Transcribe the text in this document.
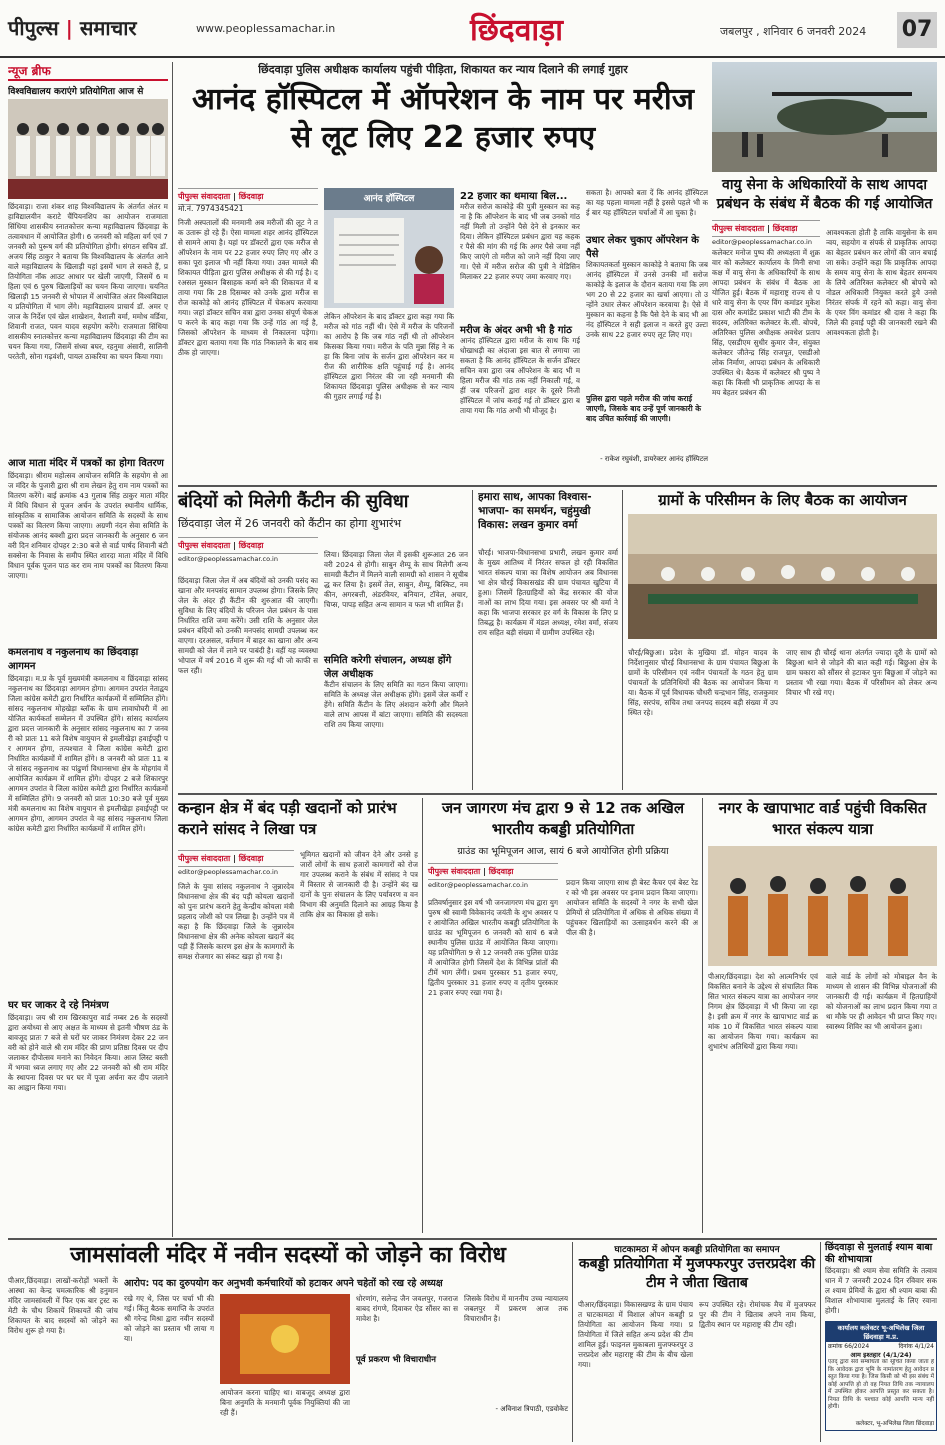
पीपुल्स | समाचार	www.peoplessamachar.in	छिंदवाड़ा	जबलपुर , शनिवार 6 जनवरी 2024 07
न्यूज ब्रीफ
विश्वविद्यालय कराएंगे प्रतियोगिता आज से
छिंदवाड़ा। राजा शंकर शाह विश्वविद्यालय के अंतर्गत अंतर महाविद्यालयीन कराटे चैंपियनशिप का आयोजन राजमाता सिंधिया शासकीय स्नातकोत्तर कन्या महाविद्यालय छिंदवाड़ा के तत्वावधान में आयोजित होगी। 6 जनवरी को महिला वर्ग एवं 7 जनवरी को पुरूष वर्ग की प्रतियोगिता होगी। संगठन सचिव डॉ. अजय सिंह ठाकुर ने बताया कि विश्वविद्यालय के अंतर्गत आने वाले महाविद्यालय के खिलाड़ी यहां इसमें भाग ले सकते हैं, प्रतियोगिता नॉक आउट आधार पर खेली जाएगी, जिसमें 6 महिला एवं 6 पुरुष खिलाड़ियों का चयन किया जाएगा। चयनित खिलाड़ी 15 जनवरी से भोपाल में आयोजित अंतर विश्वविद्यालय प्रतियोगिता में भाग लेंगे। महाविद्यालय प्राचार्य डॉ. अमर एजाज के निर्देश एवं खेल शाखेशन, वैशाली वर्मा, ममोथ वर्डिया, शिवानी राजत, पवन यादव सहयोग करेंगे। राजमाता सिंधिया शासकीय स्नातकोत्तर कन्या महाविद्यालय छिंदवाड़ा की टीम का चयन किया गया, जिसमें संध्या बघर, रहनुमा अंसारी, सालिनी परतेती, सोना गढ़वंशी, पायल ठाकरिया का चयन किया गया।
आज माता मंदिर में पत्रकों का होगा वितरण
छिंदवाड़ा। श्रीराम महोत्सव आयोजन समिति के सहयोग से आज मंदिर के पुजारी द्वारा श्री राम लेखन हेतु राम नाम पत्रकों का वितरण करेंगे। बाई क्रमांक 43 गुलाब सिंह ठाकुर माता मंदिर में विधि विधान से पूजन अर्चन के उपरांत स्थानीय धार्मिक, सांस्कृतिक व सामाजिक आयोजन समिति के सदस्यों के साथ पत्रकों का वितरण किया जाएगा। अग्रणी नंदन सेवा समिति के संयोजक आनंद बक्शी द्वारा प्रदत्त जानकारी के अनुसार 6 जनवरी दिन शनिवार दोपहर 2:30 बजे से वार्ड पार्षद शिवानी बंटी सक्सेना के निवास के समीप स्थित शारदा माता मंदिर में विधि विधान पूर्वक पूजन पाठ कर राम नाम पत्रकों का वितरण किया जाएगा।
कमलनाथ व नकुलनाथ का छिंदवाड़ा आगमन
छिंदवाड़ा। म.प्र के पूर्व मुख्यमंत्री कमलनाथ व छिंदवाड़ा सांसद नकुलनाथ का छिंदवाड़ा आगमन होगा। आगमन उपरांत नेताद्वय जिला कांग्रेस कमेटी द्वारा निर्धारित कार्यक्रमों में सम्मिलित होंगे। सांसद नकुलनाथ मोहखेड़ा ब्लॉक के ग्राम लावाघोघरी में आयोजित कार्यकर्ता सम्मेलन में उपस्थित होंगे। सांसद कार्यालय द्वारा प्रदत्त जानकारी के अनुसार सांसद नकुलनाथ का 7 जनवरी को प्रातः 11 बजे विशेष वायुयान से इमलीखेड़ा हवाईपट्टी पर आगमन होगा, तत्पश्चात वे जिला कांग्रेस कमेटी द्वारा निर्धारित कार्यक्रमों में शामिल होंगे। 8 जनवरी को प्रातः 11 बजे सांसद नकुलनाथ का पांढुर्णा विधानसभा क्षेत्र के मोहगांव में आयोजित कार्यक्रम में शामिल होंगे। दोपहर 2 बजे शिकारपुर आगमन उपरांत वे जिला कांग्रेस कमेटी द्वारा निर्धारित कार्यक्रमों में सम्मिलित होंगे। 9 जनवरी को प्रातः 10:30 बजे पूर्व मुख्यमंत्री कमलनाथ का विशेष वायुयान से इमलीखेड़ा हवाईपट्टी पर आगमन होगा, आगमन उपरांत वे वह सांसद नकुलनाथ जिला कांग्रेस कमेटी द्वारा निर्धारित कार्यक्रमों में शामिल होंगे।
घर घर जाकर दे रहे निमंत्रण
छिंदवाड़ा। जय श्री राम खिरकापुरा वार्ड नम्बर 26 के सदस्यों द्वारा अयोध्या से आए अक्षत के माध्यम से इतनी भीषण ठंड के बावजूद प्रातः 7 बजे से घरों घर जाकर निमंत्रण देकर 22 जनवरी को होने वाले श्री राम मंदिर की प्राण प्रतिष्ठा दिवस पर दीप जलाकर दीपोत्सव मनाने का निवेदन किया। आज लिस्ट बस्ती में भगवा ध्वज लगाए गए और 22 जनवरी को श्री राम मंदिर के स्थापना दिवस पर घर घर में पूजा अर्चना कर दीप जलाने का आह्वान किया गया।
छिंदवाड़ा पुलिस अधीक्षक कार्यालय पहुंची पीड़िता, शिकायत कर न्याय दिलाने की लगाई गुहार
आनंद हॉस्पिटल में ऑपरेशन के नाम पर मरीज से लूट लिए 22 हजार रुपए
पीपुल्स संवाददाता | छिंदवाड़ा
मो.नं. 7974345421
निजी अस्पतालों की मनमानी अब मरीजों की लूट ने तक उतारू हो रहे हैं। ऐसा मामला शहर आनंद हॉस्पिटल से सामने आया है। यहां पर डॉक्टरों द्वारा एक मरीज से ऑपरेशन के नाम पर 22 हजार रुपए लिए गए और उसका पूरा इलाज भी नहीं किया गया। उक्त मामले की शिकायत पीड़िता द्वारा पुलिस अधीक्षक से की गई है। दरअसल मुस्कान बिसाहक कर्मा बने की शिकायत में बताया गया कि 28 दिसम्बर को उनके द्वारा मरीज सरोज काकोड़े को आनंद हॉस्पिटल में चेकअप करवाया गया। जहां डॉक्टर सचिन वत्रा द्वारा उनका संपूर्ण चेकअप करने के बाद कहा गया कि उन्हें गांठ आ गई है, जिसको ऑपरेशन के माध्यम से निकालना पड़ेगा। डॉक्टर द्वारा बताया गया कि गांठ निकालने के बाद सब ठीक हो जाएगा।
आनंद हॉस्पिटल
लेकिन ऑपरेशन के बाद डॉक्टर द्वारा कहा गया कि मरीज को गांठ नहीं थी। ऐसे में मरीज के परिजनों का आरोप है कि जब गांठ नहीं थी तो ऑपरेशन किसका किया गया। मरीज के पति मुन्ना सिंह ने कहा कि बिना जांच के सर्जन द्वारा ऑपरेशन कर मरीज की शारीरिक क्षति पहुंचाई गई है। आनंद हॉस्पिटल द्वारा निरंतर की जा रही मनमानी की शिकायत छिंदवाड़ा पुलिस अधीक्षक से कर न्याय की गुहार लगाई गई है।
22 हजार का थमाया बिल...
मरीज सरोज काकोड़े की पुत्री मुस्कान का कहना है कि ऑपरेशन के बाद भी जब उनको गांठ नहीं मिली तो उन्होंने पैसे देने से इनकार कर दिया। लेकिन हॉस्पिटल प्रबंधन द्वारा यह कहकर पैसे की मांग की गई कि अगर पैसे जमा नहीं किए जाएंगे तो मरीज को जाने नहीं दिया जाएगा। ऐसे में मरीज सरोज की पुत्री ने मेडिसिन मिलाकर 22 हजार रुपए जमा करवाए गए।
मरीज के अंदर अभी भी है गांठ
आनंद हॉस्पिटल द्वारा मरीज के साथ कि गई धोखाधड़ी का अंदाजा इस बात से लगाया जा सकता है कि आनंद हॉस्पिटल के सर्जन डॉक्टर सचिन वत्रा द्वारा जब ऑपरेशन के बाद भी महिला मरीज की गांठ तक नहीं निकाली गई, वहीं जब परिजनों द्वारा शहर के दूसरे निजी हॉस्पिटल में जांच कराई गई तो डॉक्टर द्वारा बताया गया कि गांठ अभी भी मौजूद है।
सकता है। आपको बता दें कि आनंद हॉस्पिटल का यह पहला मामला नहीं है इससे पहले भी कई बार यह हॉस्पिटल चर्चाओं में आ चुका है।
उधार लेकर चुकाए ऑपरेशन के पैसे
शिकायतकर्ता मुस्कान काकोड़े ने बताया कि जब आनंद हॉस्पिटल में उनसे उनकी माँ सरोज काकोड़े के इलाज के दौरान बताया गया कि लगभग 20 से 22 हजार का खर्चा आएगा। तो उन्होंने उधार लेकर ऑपरेशन करवाया है। ऐसे में मुस्कान का कहना है कि पैसे देने के बाद भी आनंद हॉस्पिटल ने सही इलाज न करते हुए उल्टा उनके साथ 22 हजार रुपए लूट लिए गए।
पुलिस द्वारा पहले मरीज की जांच कराई जाएगी, जिसके बाद उन्हें पूर्ण जानकारी के बाद उचित कार्रवाई की जाएगी।
- राकेश रघुवंशी, डायरेक्टर आनंद हॉस्पिटल
वायु सेना के अधिकारियों के साथ आपदा प्रबंधन के संबंध में बैठक की गई आयोजित
पीपुल्स संवाददाता | छिंदवाड़ा
editor@peoplessamachar.co.in
कलेक्टर मनोज पुष्प की अध्यक्षता में शुक्रवार को कलेक्टर कार्यालय के मिनी सभा कक्ष में वायु सेना के अधिकारियों के साथ आपदा प्रबंधन के संबंध में बैठक आयोजित हुई। बैठक में महाराष्ट्र राज्य से पधारे वायु सेना के एयर विंग कमांडर मुकेश दास और कमांडेंट प्रकाश भाटी की टीम के सदस्य, अतिरिक्त कलेक्टर के.सी. बोपचे, अतिरिक्त पुलिस अधीक्षक अवधेश प्रताप सिंह, एसडीएम सुधीर कुमार जैन, संयुक्त कलेक्टर जीतेन्द्र सिंह राजपूत, एसडीओ लोक निर्माण, आपदा प्रबंधन के अधिकारी उपस्थित थे। बैठक में कलेक्टर श्री पुष्प ने कहा कि किसी भी प्राकृतिक आपदा के समय बेहतर प्रबंधन की
आवश्यकता होती है ताकि वायुसेना के समन्वय, सहयोग व संपर्क से प्राकृतिक आपदा का बेहतर प्रबंधन कर लोगों की जान बचाई जा सके। उन्होंने कहा कि प्राकृतिक आपदा के समय वायु सेना के साथ बेहतर समन्वय के लिये अतिरिक्त कलेक्टर श्री बोपचे को नोडल अधिकारी नियुक्त करते हुये उनसे निरंतर संपर्क में रहने को कहा। वायु सेना के एयर विंग कमांडर श्री दास ने कहा कि जिले की हवाई पट्टी की जानकारी रखने की आवश्यकता होती है।
बंदियों को मिलेगी कैंटीन की सुविधा
छिंदवाड़ा जेल में 26 जनवरी को कैंटीन का होगा शुभारंभ
पीपुल्स संवाददाता | छिंदवाड़ा
editor@peoplessamachar.co.in
छिंदवाड़ा जिला जेल में अब बंदियों को उनकी पसंद का खाना और मनपसंद सामान उपलब्ध होगा। जिसके लिए जेल के अंदर ही कैंटीन की शुरुआत की जाएगी। सुविधा के लिए बंदियों के परिजन जेल प्रबंधन के पास निर्धारित राशि जमा करेंगे। उसी राशि के अनुसार जेल प्रबंधन बंदियों को उनकी मनपसंद सामग्री उपलब्ध करवाएगा। दरअसल, वर्तमान में बाहर का खाना और अन्य सामग्री को जेल में लाने पर पाबंदी है। वहीं यह व्यवस्था भोपाल में वर्ष 2016 में शुरू की गई थी जो काफी सफल रही।
लिया। छिंदवाड़ा जिला जेल में इसकी शुरूआत 26 जनवरी 2024 से होगी। साबुन शैम्पू के साथ मिलेगी अन्य सामग्री कैंटीन में मिलने वाली सामग्री को शासन ने सूचीबद्ध कर लिया है। इसमें तेल, साबुन, शैम्पू, बिस्किट, नमकीन, अगरबत्ती, अंडरवियर, बनियान, टॉवेल, अचार, चिप्स, पापड़ सहित अन्य सामान व फल भी शामिल हैं।
समिति करेगी संचालन, अध्यक्ष होंगे जेल अधीक्षक
कैंटीन संचालन के लिए समिति का गठन किया जाएगा। समिति के अध्यक्ष जेल अधीक्षक होंगे। इसमें जेल कर्मी रहेंगे। समिति कैंटीन के लिए अंशदान करेगी और मिलने वाले लाभ आपस में बांटा जाएगा। समिति की सदस्यता राशि तय किया जाएगा।
हमारा साथ, आपका विश्वास- भाजपा- का समर्थन, चहुंमुखी विकास: लखन कुमार वर्मा
चौरई। भाजपा-विधानसभा प्रभारी, लखन कुमार वर्मा के मुख्य आतिथ्य में निरंतर सफल हो रही विकसित भारत संकल्प यात्रा का विशेष आयोजन अब विधानसभा क्षेत्र चौरई विकासखंड की ग्राम पंचायत खुटिया में हुआ। जिसमें हितग्राहियों को केंद्र सरकार की योजनाओं का लाभ दिया गया। इस अवसर पर श्री वर्मा ने कहा कि भाजपा सरकार हर वर्ग के विकास के लिए प्रतिबद्ध है। कार्यक्रम में मंडल अध्यक्ष, रमेश वर्मा, संजय राय सहित बड़ी संख्या में ग्रामीण उपस्थित रहे।
ग्रामों के परिसीमन के लिए बैठक का आयोजन
चौरई/बिछुआ। प्रदेश के मुखिया डॉ. मोहन यादव के निर्देशानुसार चौरई विधानसभा के ग्राम पंचायत बिछुआ के ग्रामों के परिसीमन एवं नवीन पंचायतों के गठन हेतु ग्राम पंचायतों के प्रतिनिधियों की बैठक का आयोजन किया गया। बैठक में पूर्व विधायक चौधरी चन्द्रभान सिंह, राजकुमार सिंह, सरपंच, सचिव तथा जनपद सदस्य बड़ी संख्या में उपस्थित रहे।
जाए साथ ही चौरई थाना अंतर्गत ज्यादा दूरी के ग्रामों को बिछुआ थाने से जोड़ने की बात कही गई। बिछुआ क्षेत्र के ग्राम चकारा को सौंसर से हटाकर पुनः बिछुआ में जोड़ने का प्रस्ताव भी रखा गया। बैठक में परिसीमन को लेकर अन्य विचार भी रखे गए।
कन्हान क्षेत्र में बंद पड़ी खदानों को प्रारंभ कराने सांसद ने लिखा पत्र
पीपुल्स संवाददाता | छिंदवाड़ा
editor@peoplessamachar.co.in
जिले के युवा सांसद नकुलनाथ ने जुन्नारदेव विधानसभा क्षेत्र की बंद पड़ी कोयला खदानों को पुनः प्रारंभ कराने हेतु केन्द्रीय कोयला मंत्री प्रहलाद जोशी को पत्र लिखा है। उन्होंने पत्र में कहा है कि छिंदवाड़ा जिले के जुन्नारदेव विधानसभा क्षेत्र की अनेक कोयला खदानें बंद पड़ी हैं जिसके कारण इस क्षेत्र के कामगारों के समक्ष रोजगार का संकट खड़ा हो गया है।
भूमिगत खदानों को जीवन देने और उनसे हजारों लोगों के साथ हजारों कामगारों को रोजगार उपलब्ध कराने के संबंध में सांसद ने पत्र में विस्तार से जानकारी दी है। उन्होंने बंद खदानों के पुनः संचालन के लिए पर्यावरण व वन विभाग की अनुमति दिलाने का आग्रह किया है ताकि क्षेत्र का विकास हो सके।
जन जागरण मंच द्वारा 9 से 12 तक अखिल भारतीय कबड्डी प्रतियोगिता
ग्राउंड का भूमिपूजन आज, सायं 6 बजे आयोजित होगी प्रक्रिया
पीपुल्स संवाददाता | छिंदवाड़ा
editor@peoplessamachar.co.in
प्रतिवर्षानुसार इस वर्ष भी जनजागरण मंच द्वारा युग पुरुष श्री स्वामी विवेकानंद जयंती के शुभ अवसर पर आयोजित अखिल भारतीय कबड्डी प्रतियोगिता के ग्राउंड का भूमिपूजन 6 जनवरी को सायं 6 बजे स्थानीय पुलिस ग्राउंड में आयोजित किया जाएगा। यह प्रतियोगिता 9 से 12 जनवरी तक पुलिस ग्राउंड में आयोजित होगी जिसमें देश के विभिन्न प्रांतों की टीमें भाग लेंगी। प्रथम पुरस्कार 51 हजार रुपए, द्वितीय पुरस्कार 31 हजार रुपए व तृतीय पुरस्कार 21 हजार रुपए रखा गया है।
प्रदान किया जाएगा साथ ही बेस्ट कैचर एवं बेस्ट रेडर को भी इस अवसर पर इनाम प्रदान किया जाएगा। आयोजन समिति के सदस्यों ने नगर के सभी खेल प्रेमियों से प्रतियोगिता में अधिक से अधिक संख्या में पहुंचकर खिलाड़ियों का उत्साहवर्धन करने की अपील की है।
नगर के खापाभाट वार्ड पहुंची विकसित भारत संकल्प यात्रा
पीआर/छिंदवाड़ा। देश को आत्मनिर्भर एवं विकसित बनाने के उद्देश्य से संचालित विकसित भारत संकल्प यात्रा का आयोजन नगर निगम क्षेत्र छिंदवाड़ा में भी किया जा रहा है। इसी क्रम में नगर के खापाभाट वार्ड क्रमांक 10 में विकसित भारत संकल्प यात्रा का आयोजन किया गया। कार्यक्रम का शुभारंभ अतिथियों द्वारा किया गया।
वाले वार्ड के लोगों को मोबाइल वैन के माध्यम से शासन की विभिन्न योजनाओं की जानकारी दी गई। कार्यक्रम में हितग्राहियों को योजनाओं का लाभ प्रदान किया गया तथा मौके पर ही आवेदन भी प्राप्त किए गए। स्वास्थ्य शिविर का भी आयोजन हुआ।
जामसांवली मंदिर में नवीन सदस्यों को जोड़ने का विरोध
पीआर,छिंदवाड़ा। लाखों-करोड़ों भक्तों के आस्था का केन्द्र चमत्कारिक श्री हनुमान मंदिर जामसांवली में फिर एक बार ट्रस्ट कमेटी के चौथ शिकायें शिकायतें की जांच शिकायत के बाद सदस्यों को जोड़ने का विरोध शुरू हो गया है।
आरोप: पद का दुरुपयोग कर अनुभवी कर्मचारियों को हटाकर अपने चहेतों को रख रहे अध्यक्ष
रखे गए थे, जिस पर चर्चा भी की गई। किंतु बैठक समाप्ति के उपरांत श्री गरेन्द्र मिश्रा द्वारा नवीन सदस्यों को जोड़ने का प्रस्ताव भी लाया गया।
आयोजन करना चाहिए था। वाबजूद अध्यक्ष द्वारा बिना अनुमति के मनमानी पूर्वक नियुक्तियां की जा रही हैं।
धोरणांग, सलेन्द्र जैन जवलपुर, गजराज बाबद रांगणे, दिवाकर ऐड सौंसर का समावेश है।
पूर्व प्रकरण भी विचाराधीन
जिसके विरोध में माननीय उच्च न्यायालय जबलपुर में प्रकरण आज तक विचाराधीन है।
- अविनाश त्रिपाठी, एडवोकेट
घाटकामठा में ओपन कबड्डी प्रतियोगिता का समापन
कबड्डी प्रतियोगिता में मुजफ्फरपुर उत्तरप्रदेश की टीम ने जीता खिताब
पीआर/छिंदवाड़ा। विकासखण्ड के ग्राम पंचायत घाटकामठा में विशाल ओपन कबड्डी प्रतियोगिता का आयोजन किया गया। प्रतियोगिता में जिले सहित अन्य प्रदेश की टीम शामिल हुई। फाइनल मुकाबला मुजफ्फरपुर उत्तरप्रदेश और महाराष्ट्र की टीम के बीच खेला गया।
रूप उपस्थित रहे। रोमांचक मैच में मुजफ्फरपुर की टीम ने खिताब अपने नाम किया, द्वितीय स्थान पर महाराष्ट्र की टीम रही।
छिंदवाड़ा से मुलताई श्याम बाबा की शोभायात्रा
छिंदवाड़ा। श्री श्याम सेवा समिति के तत्वावधान में 7 जनवरी 2024 दिन रविवार सकल श्याम प्रेमियों के द्वारा श्री श्याम बाबा की विशाल शोभायात्रा मुलताई के लिए रवाना होगी।
कार्यालय कलेक्टर भू-अभिलेख जिला छिंदवाड़ा म.प्र.
क्रमांक 66/2024	दिनांक 4/1/24
आम इश्तहार (4/1/24)
एतद् द्वारा सर्व सम्बंधितों को सूचित किया जाता है कि आवेदक द्वारा भूमि के नामांतरण हेतु आवेदन प्रस्तुत किया गया है। जिस किसी को भी इस संबंध में कोई आपत्ति हो तो वह नियत तिथि तक न्यायालय में उपस्थित होकर आपत्ति प्रस्तुत कर सकता है। नियत तिथि के पश्चात कोई आपत्ति मान्य नहीं होगी।
कलेक्टर, भू-अभिलेख जिला छिंदवाड़ा
